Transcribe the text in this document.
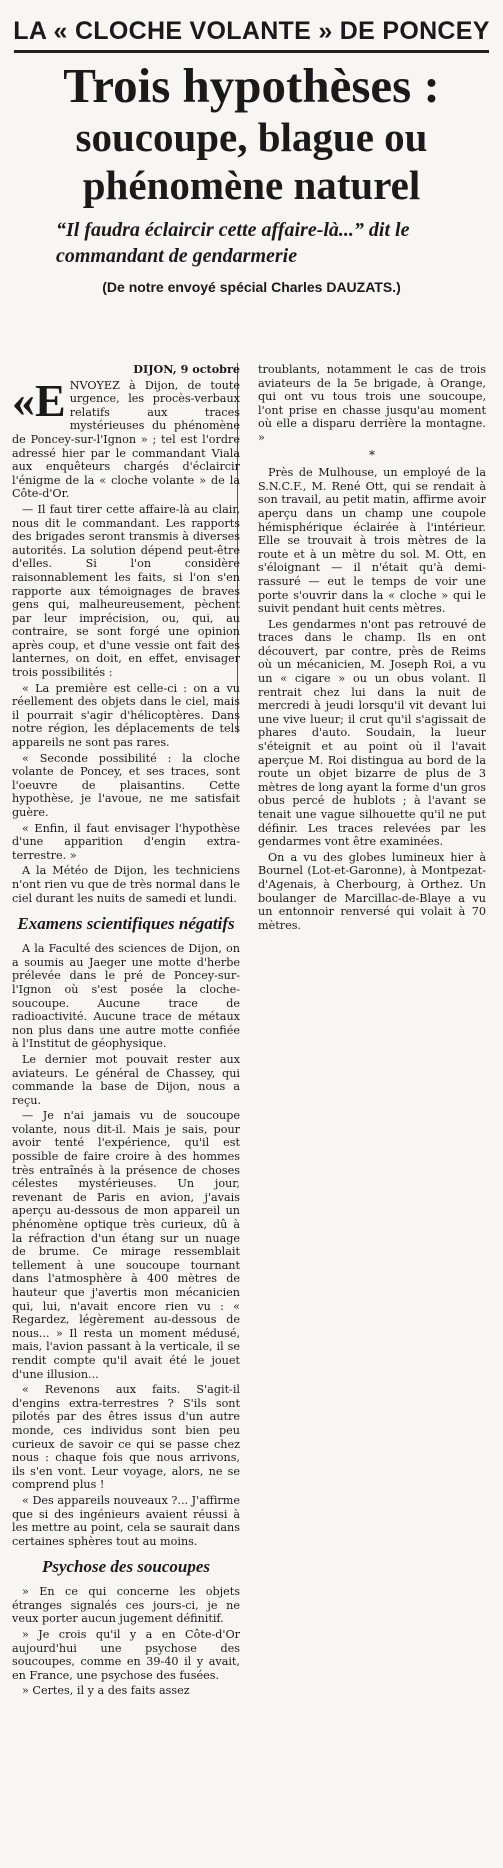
LA « CLOCHE VOLANTE » DE PONCEY
Trois hypothèses :
soucoupe, blague ou
phénomène naturel
“Il faudra éclaircir cette affaire-là...” dit le commandant de gendarmerie
(De notre envoyé spécial Charles DAUZATS.)

DIJON, 9 octobre

«ENVOYEZ à Dijon, de toute urgence, les procès-verbaux relatifs aux traces mystérieuses du phénomène de Poncey-sur-l'Ignon » ; tel est l'ordre adressé hier par le commandant Viala aux enquêteurs chargés d'éclaircir l'énigme de la « cloche volante » de la Côte-d'Or.

— Il faut tirer cette affaire-là au clair, nous dit le commandant. Les rapports des brigades seront transmis à diverses autorités. La solution dépend peut-être d'elles. Si l'on considère raisonnablement les faits, si l'on s'en rapporte aux témoignages de braves gens qui, malheureusement, pèchent par leur imprécision, ou, qui, au contraire, se sont forgé une opinion après coup, et d'une vessie ont fait des lanternes, on doit, en effet, envisager trois possibilités :

« La première est celle-ci : on a vu réellement des objets dans le ciel, mais il pourrait s'agir d'hélicoptères. Dans notre région, les déplacements de tels appareils ne sont pas rares.

« Seconde possibilité : la cloche volante de Poncey, et ses traces, sont l'oeuvre de plaisantins. Cette hypothèse, je l'avoue, ne me satisfait guère.

« Enfin, il faut envisager l'hypothèse d'une apparition d'engin extra-terrestre. »

A la Météo de Dijon, les techniciens n'ont rien vu que de très normal dans le ciel durant les nuits de samedi et lundi.

Examens scientifiques négatifs

A la Faculté des sciences de Dijon, on a soumis au Jaeger une motte d'herbe prélevée dans le pré de Poncey-sur-l'Ignon où s'est posée la cloche-soucoupe. Aucune trace de radioactivité. Aucune trace de métaux non plus dans une autre motte confiée à l'Institut de géophysique.

Le dernier mot pouvait rester aux aviateurs. Le général de Chassey, qui commande la base de Dijon, nous a reçu.

— Je n'ai jamais vu de soucoupe volante, nous dit-il. Mais je sais, pour avoir tenté l'expérience, qu'il est possible de faire croire à des hommes très entraînés à la présence de choses célestes mystérieuses. Un jour, revenant de Paris en avion, j'avais aperçu au-dessous de mon appareil un phénomène optique très curieux, dû à la réfraction d'un étang sur un nuage de brume. Ce mirage ressemblait tellement à une soucoupe tournant dans l'atmosphère à 400 mètres de hauteur que j'avertis mon mécanicien qui, lui, n'avait encore rien vu : « Regardez, légèrement au-dessous de nous... » Il resta un moment médusé, mais, l'avion passant à la verticale, il se rendit compte qu'il avait été le jouet d'une illusion...

« Revenons aux faits. S'agit-il d'engins extra-terrestres ? S'ils sont pilotés par des êtres issus d'un autre monde, ces individus sont bien peu curieux de savoir ce qui se passe chez nous : chaque fois que nous arrivons, ils s'en vont. Leur voyage, alors, ne se comprend plus !

« Des appareils nouveaux ?... J'affirme que si des ingénieurs avaient réussi à les mettre au point, cela se saurait dans certaines sphères tout au moins.

Psychose des soucoupes

» En ce qui concerne les objets étranges signalés ces jours-ci, je ne veux porter aucun jugement définitif.

» Je crois qu'il y a en Côte-d'Or aujourd'hui une psychose des soucoupes, comme en 39-40 il y avait, en France, une psychose des fusées.

» Certes, il y a des faits assez

troublants, notamment le cas de trois aviateurs de la 5e brigade, à Orange, qui ont vu tous trois une soucoupe, l'ont prise en chasse jusqu'au moment où elle a disparu derrière la montagne. »

*

Près de Mulhouse, un employé de la S.N.C.F., M. René Ott, qui se rendait à son travail, au petit matin, affirme avoir aperçu dans un champ une coupole hémisphérique éclairée à l'intérieur. Elle se trouvait à trois mètres de la route et à un mètre du sol. M. Ott, en s'éloignant — il n'était qu'à demi-rassuré — eut le temps de voir une porte s'ouvrir dans la « cloche » qui le suivit pendant huit cents mètres.

Les gendarmes n'ont pas retrouvé de traces dans le champ. Ils en ont découvert, par contre, près de Reims où un mécanicien, M. Joseph Roi, a vu un « cigare » ou un obus volant. Il rentrait chez lui dans la nuit de mercredi à jeudi lorsqu'il vit devant lui une vive lueur; il crut qu'il s'agissait de phares d'auto. Soudain, la lueur s'éteignit et au point où il l'avait aperçue M. Roi distingua au bord de la route un objet bizarre de plus de 3 mètres de long ayant la forme d'un gros obus percé de hublots ; à l'avant se tenait une vague silhouette qu'il ne put définir. Les traces relevées par les gendarmes vont être examinées.

On a vu des globes lumineux hier à Bournel (Lot-et-Garonne), à Montpezat-d'Agenais, à Cherbourg, à Orthez. Un boulanger de Marcillac-de-Blaye a vu un entonnoir renversé qui volait à 70 mètres.
